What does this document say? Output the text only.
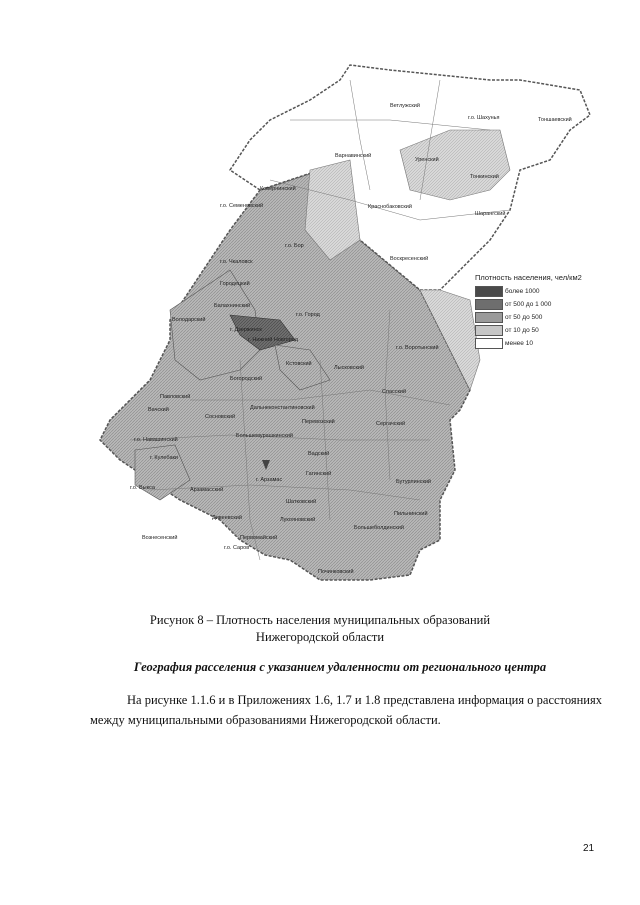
Ветлужский
г.о. Шахунья	Тоншаевский
Варнавинский
Уренский
Тонкинский
Ковернинский
г.о. Семеновский	Краснобаковский
Шарангский
г.о. Бор
г.о. Чкаловск	Воскресенский
Городецкий
Балахнинский
Володарский
г. Дзержинск
г.о. Город
г. Нижний Новгород
Кстовский
Богородский
г.о. Воротынский
Лысковский
Спасский
Павловский
Вачский
Сосновский
Дальнеконстантиновский
Перевозский	Сергачский
г.о. Навашинский
Большемурашкинский
г. Кулебаки
г.о. Выкса
Вадский
Арзамасский
Гагинский
Бутурлинский
г. Арзамас
Шатковский
Лукояновский
Дивеевский
Большеболдинский
Первомайский
Вознесенский
г.о. Саров
Пильнинский
Починковский
Плотность населения, чел/км2
более 1000
от 500 до 1 000
от 50 до 500
от 10 до 50
менее 10
Рисунок 8 – Плотность населения муниципальных образований
Нижегородской области
География расселения с указанием удаленности от регионального центра
На рисунке 1.1.6 и в Приложениях 1.6, 1.7 и 1.8 представлена информация о расстояниях между муниципальными образованиями Нижегородской области.
21
